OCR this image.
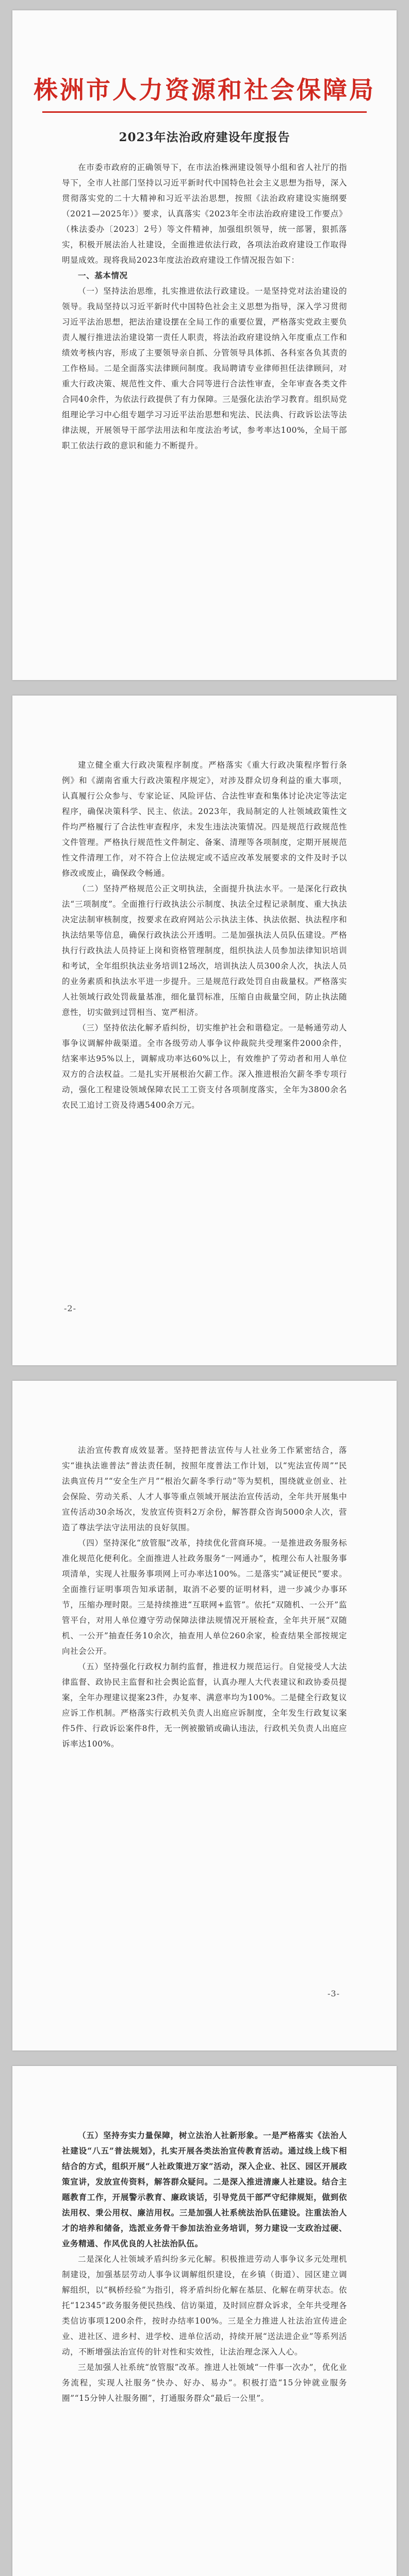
株洲市人力资源和社会保障局
2023年法治政府建设年度报告

在市委市政府的正确领导下，在市法治株洲建设领导小组和省人社厅的指导下，全市人社部门坚持以习近平新时代中国特色社会主义思想为指导，深入贯彻落实党的二十大精神和习近平法治思想，按照《法治政府建设实施纲要（2021—2025年）》要求，认真落实《2023年全市法治政府建设工作要点》（株法委办〔2023〕2号）等文件精神，加强组织领导，统一部署，狠抓落实，积极开展法治人社建设，全面推进依法行政，各项法治政府建设工作取得明显成效。现将我局2023年度法治政府建设工作情况报告如下：

一、基本情况

（一）坚持法治思维，扎实推进依法行政建设。一是坚持党对法治建设的领导。我局坚持以习近平新时代中国特色社会主义思想为指导，深入学习贯彻习近平法治思想，把法治建设摆在全局工作的重要位置，严格落实党政主要负责人履行推进法治建设第一责任人职责，将法治政府建设纳入年度重点工作和绩效考核内容，形成了主要领导亲自抓、分管领导具体抓、各科室各负其责的工作格局。二是全面落实法律顾问制度。我局聘请专业律师担任法律顾问，对重大行政决策、规范性文件、重大合同等进行合法性审查，全年审查各类文件合同40余件，为依法行政提供了有力保障。三是强化法治学习教育。组织局党组理论学习中心组专题学习习近平法治思想和宪法、民法典、行政诉讼法等法律法规，开展领导干部学法用法和年度法治考试，参考率达100%，全局干部职工依法行政的意识和能力不断提升。

建立健全重大行政决策程序制度。严格落实《重大行政决策程序暂行条例》和《湖南省重大行政决策程序规定》，对涉及群众切身利益的重大事项，认真履行公众参与、专家论证、风险评估、合法性审查和集体讨论决定等法定程序，确保决策科学、民主、依法。2023年，我局制定的人社领域政策性文件均严格履行了合法性审查程序，未发生违法决策情况。四是规范行政规范性文件管理。严格执行规范性文件制定、备案、清理等各项制度，定期开展规范性文件清理工作，对不符合上位法规定或不适应改革发展要求的文件及时予以修改或废止，确保政令畅通。

（二）坚持严格规范公正文明执法，全面提升执法水平。一是深化行政执法“三项制度”。全面推行行政执法公示制度、执法全过程记录制度、重大执法决定法制审核制度，按要求在政府网站公示执法主体、执法依据、执法程序和执法结果等信息，确保行政执法公开透明。二是加强执法人员队伍建设。严格执行行政执法人员持证上岗和资格管理制度，组织执法人员参加法律知识培训和考试，全年组织执法业务培训12场次，培训执法人员300余人次，执法人员的业务素质和执法水平进一步提升。三是规范行政处罚自由裁量权。严格落实人社领域行政处罚裁量基准，细化量罚标准，压缩自由裁量空间，防止执法随意性，切实做到过罚相当、宽严相济。

（三）坚持依法化解矛盾纠纷，切实维护社会和谐稳定。一是畅通劳动人事争议调解仲裁渠道。全市各级劳动人事争议仲裁院共受理案件2000余件，结案率达95%以上，调解成功率达60%以上，有效维护了劳动者和用人单位双方的合法权益。二是扎实开展根治欠薪工作。深入推进根治欠薪冬季专项行动，强化工程建设领域保障农民工工资支付各项制度落实，全年为3800余名农民工追讨工资及待遇5400余万元。

-2-

法治宣传教育成效显著。坚持把普法宣传与人社业务工作紧密结合，落实“谁执法谁普法”普法责任制，按照年度普法工作计划，以“宪法宣传周”“民法典宣传月”“安全生产月”“根治欠薪冬季行动”等为契机，围绕就业创业、社会保险、劳动关系、人才人事等重点领域开展法治宣传活动，全年共开展集中宣传活动30余场次，发放宣传资料2万余份，解答群众咨询5000余人次，营造了尊法学法守法用法的良好氛围。

（四）坚持深化“放管服”改革，持续优化营商环境。一是推进政务服务标准化规范化便利化。全面推进人社政务服务“一网通办”，梳理公布人社服务事项清单，实现人社服务事项网上可办率达100%。二是落实“减证便民”要求。全面推行证明事项告知承诺制，取消不必要的证明材料，进一步减少办事环节，压缩办理时限。三是持续推进“互联网+监管”。依托“双随机、一公开”监管平台，对用人单位遵守劳动保障法律法规情况开展检查，全年共开展“双随机、一公开”抽查任务10余次，抽查用人单位260余家，检查结果全部按规定向社会公开。

（五）坚持强化行政权力制约监督，推进权力规范运行。自觉接受人大法律监督、政协民主监督和社会舆论监督，认真办理人大代表建议和政协委员提案，全年办理建议提案23件，办复率、满意率均为100%。二是健全行政复议应诉工作机制。严格落实行政机关负责人出庭应诉制度，全年发生行政复议案件5件、行政诉讼案件8件，无一例被撤销或确认违法，行政机关负责人出庭应诉率达100%。

-3-

（五）坚持夯实力量保障，树立法治人社新形象。一是严格落实《法治人社建设“八五”普法规划》，扎实开展各类法治宣传教育活动。通过线上线下相结合的方式，组织开展“人社政策进万家”活动，深入企业、社区、园区开展政策宣讲，发放宣传资料，解答群众疑问。二是深入推进清廉人社建设。结合主题教育工作，开展警示教育、廉政谈话，引导党员干部严守纪律规矩，做到依法用权、秉公用权、廉洁用权。三是加强人社系统法治队伍建设。注重法治人才的培养和储备，选派业务骨干参加法治业务培训，努力建设一支政治过硬、业务精通、作风优良的人社法治队伍。

二是深化人社领域矛盾纠纷多元化解。积极推进劳动人事争议多元处理机制建设，加强基层劳动人事争议调解组织建设，在乡镇（街道）、园区建立调解组织，以“枫桥经验”为指引，将矛盾纠纷化解在基层、化解在萌芽状态。依托“12345”政务服务便民热线、信访渠道，及时回应群众诉求，全年共受理各类信访事项1200余件，按时办结率100%。三是全力推进人社法治宣传进企业、进社区、进乡村、进学校、进单位活动，持续开展“送法进企业”等系列活动，不断增强法治宣传的针对性和实效性，让法治理念深入人心。

三是加强人社系统“放管服”改革。推进人社领域“一件事一次办”，优化业务流程，实现人社服务“快办、好办、易办”。积极打造“15分钟就业服务圈”“15分钟人社服务圈”，打通服务群众“最后一公里”。
